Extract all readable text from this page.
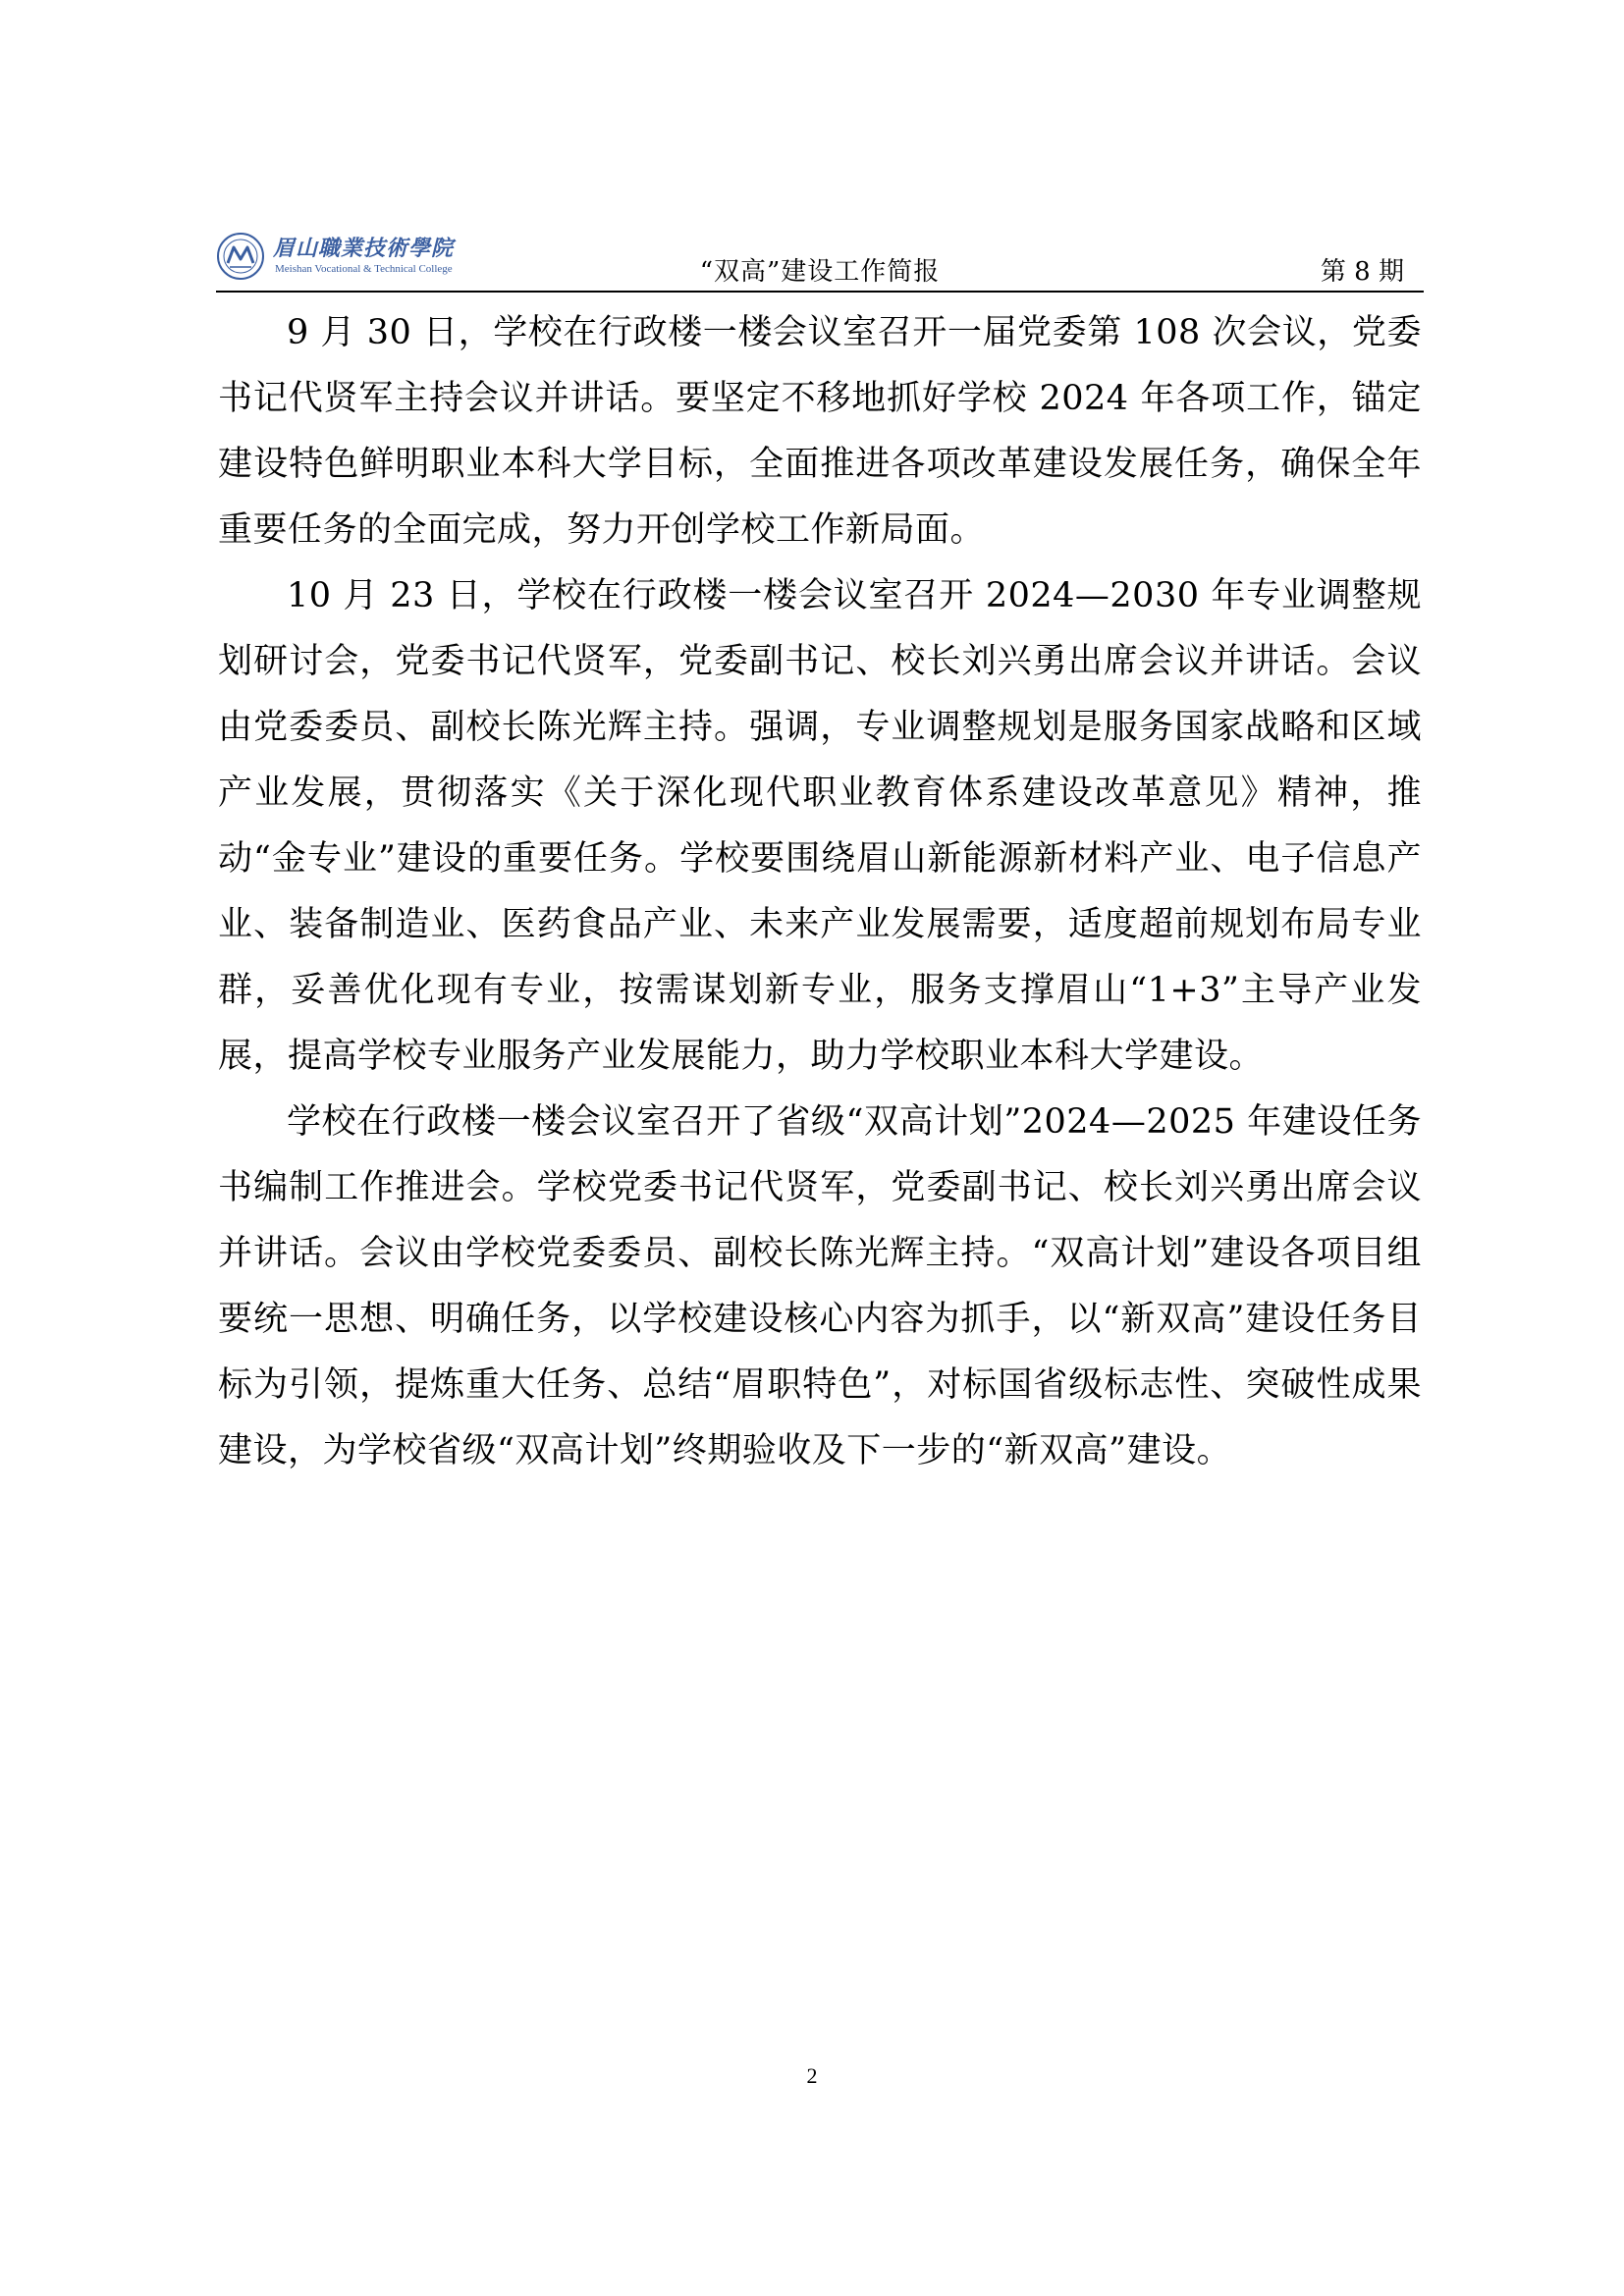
眉山職業技術學院
Meishan Vocational & Technical College	“双高”建设工作简报	第 8 期

9 月 30 日，学校在行政楼一楼会议室召开一届党委第 108 次会议，党委书记代贤军主持会议并讲话。要坚定不移地抓好学校 2024 年各项工作，锚定建设特色鲜明职业本科大学目标，全面推进各项改革建设发展任务，确保全年重要任务的全面完成，努力开创学校工作新局面。

10 月 23 日，学校在行政楼一楼会议室召开 2024—2030 年专业调整规划研讨会，党委书记代贤军，党委副书记、校长刘兴勇出席会议并讲话。会议由党委委员、副校长陈光辉主持。强调，专业调整规划是服务国家战略和区域产业发展，贯彻落实《关于深化现代职业教育体系建设改革意见》精神，推动“金专业”建设的重要任务。学校要围绕眉山新能源新材料产业、电子信息产业、装备制造业、医药食品产业、未来产业发展需要，适度超前规划布局专业群，妥善优化现有专业，按需谋划新专业，服务支撑眉山“1+3”主导产业发展，提高学校专业服务产业发展能力，助力学校职业本科大学建设。

学校在行政楼一楼会议室召开了省级“双高计划”2024—2025 年建设任务书编制工作推进会。学校党委书记代贤军，党委副书记、校长刘兴勇出席会议并讲话。会议由学校党委委员、副校长陈光辉主持。“双高计划”建设各项目组要统一思想、明确任务，以学校建设核心内容为抓手，以“新双高”建设任务目标为引领，提炼重大任务、总结“眉职特色”，对标国省级标志性、突破性成果建设，为学校省级“双高计划”终期验收及下一步的“新双高”建设。

2
